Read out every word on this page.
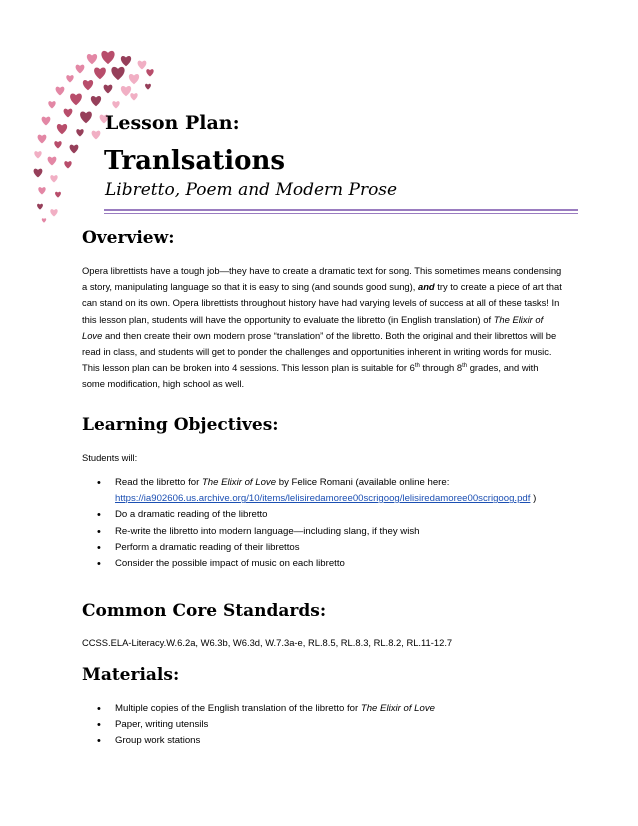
Lesson Plan:
Tranlsations
Libretto, Poem and Modern Prose
Overview:
Opera librettists have a tough job—they have to create a dramatic text for song. This sometimes means condensing a story, manipulating language so that it is easy to sing (and sounds good sung), and try to create a piece of art that can stand on its own. Opera librettists throughout history have had varying levels of success at all of these tasks! In this lesson plan, students will have the opportunity to evaluate the libretto (in English translation) of The Elixir of Love and then create their own modern prose “translation” of the libretto. Both the original and their librettos will be read in class, and students will get to ponder the challenges and opportunities inherent in writing words for music. This lesson plan can be broken into 4 sessions. This lesson plan is suitable for 6th through 8th grades, and with some modification, high school as well.
Learning Objectives:
Students will:
• Read the libretto for The Elixir of Love by Felice Romani (available online here: https://ia902606.us.archive.org/10/items/lelisiredamoree00scrigoog/lelisiredamoree00scrigoog.pdf )
• Do a dramatic reading of the libretto
• Re-write the libretto into modern language—including slang, if they wish
• Perform a dramatic reading of their librettos
• Consider the possible impact of music on each libretto
Common Core Standards:
CCSS.ELA-Literacy.W.6.2a, W6.3b, W6.3d, W.7.3a-e, RL.8.5, RL.8.3, RL.8.2, RL.11-12.7
Materials:
• Multiple copies of the English translation of the libretto for The Elixir of Love
• Paper, writing utensils
• Group work stations
